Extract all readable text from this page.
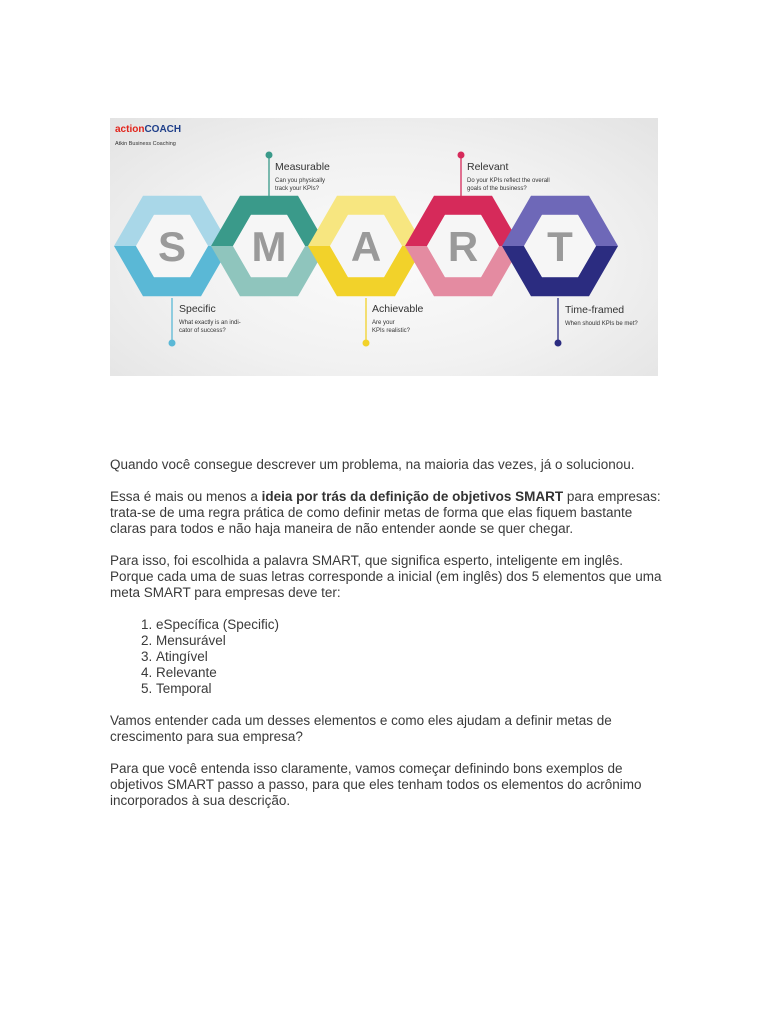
actionCOACH
Atkin Business Coaching
S M A R T
Specific
What exactly is an indi-
cator of success?
Measurable
Can you physically
track your KPIs?
Achievable
Are your
KPIs realistic?
Relevant
Do your KPIs reflect the overall
goals of the business?
Time-framed
When should KPIs be met?

Quando você consegue descrever um problema, na maioria das vezes, já o solucionou.

Essa é mais ou menos a ideia por trás da definição de objetivos SMART para empresas: trata-se de uma regra prática de como definir metas de forma que elas fiquem bastante claras para todos e não haja maneira de não entender aonde se quer chegar.

Para isso, foi escolhida a palavra SMART, que significa esperto, inteligente em inglês. Porque cada uma de suas letras corresponde a inicial (em inglês) dos 5 elementos que uma meta SMART para empresas deve ter:

1. eSpecífica (Specific)
2. Mensurável
3. Atingível
4. Relevante
5. Temporal

Vamos entender cada um desses elementos e como eles ajudam a definir metas de crescimento para sua empresa?

Para que você entenda isso claramente, vamos começar definindo bons exemplos de objetivos SMART passo a passo, para que eles tenham todos os elementos do acrônimo incorporados à sua descrição.
